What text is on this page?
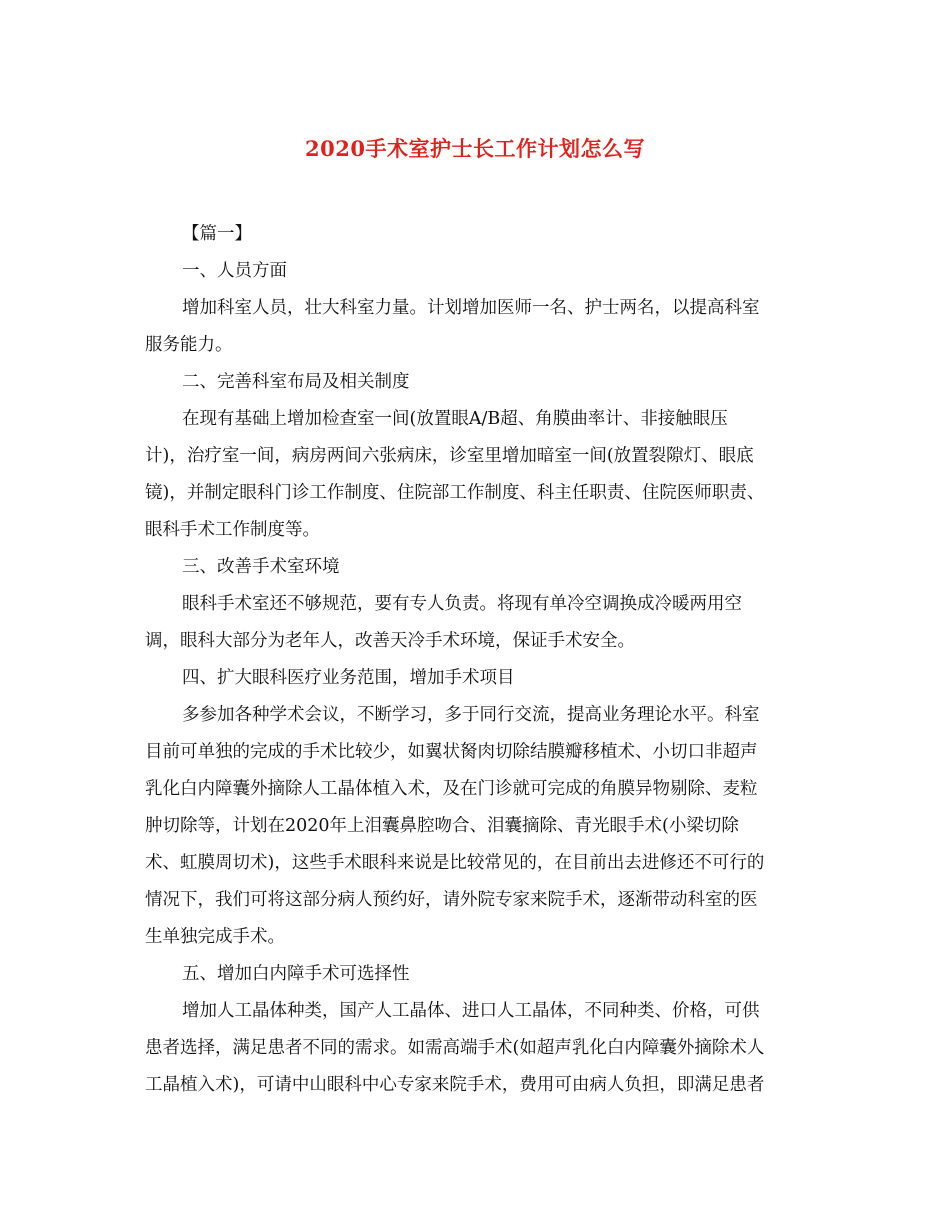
2020手术室护士长工作计划怎么写
【篇一】
一、人员方面
增加科室人员，壮大科室力量。计划增加医师一名、护士两名，以提高科室
服务能力。
二、完善科室布局及相关制度
在现有基础上增加检查室一间(放置眼A/B超、角膜曲率计、非接触眼压
计)，治疗室一间，病房两间六张病床，诊室里增加暗室一间(放置裂隙灯、眼底
镜)，并制定眼科门诊工作制度、住院部工作制度、科主任职责、住院医师职责、
眼科手术工作制度等。
三、改善手术室环境
眼科手术室还不够规范，要有专人负责。将现有单冷空调换成冷暖两用空
调，眼科大部分为老年人，改善天冷手术环境，保证手术安全。
四、扩大眼科医疗业务范围，增加手术项目
多参加各种学术会议，不断学习，多于同行交流，提高业务理论水平。科室
目前可单独的完成的手术比较少，如翼状胬肉切除结膜瓣移植术、小切口非超声
乳化白内障囊外摘除人工晶体植入术，及在门诊就可完成的角膜异物剔除、麦粒
肿切除等，计划在2020年上泪囊鼻腔吻合、泪囊摘除、青光眼手术(小梁切除
术、虹膜周切术)，这些手术眼科来说是比较常见的，在目前出去进修还不可行的
情况下，我们可将这部分病人预约好，请外院专家来院手术，逐渐带动科室的医
生单独完成手术。
五、增加白内障手术可选择性
增加人工晶体种类，国产人工晶体、进口人工晶体，不同种类、价格，可供
患者选择，满足患者不同的需求。如需高端手术(如超声乳化白内障囊外摘除术人
工晶植入术)，可请中山眼科中心专家来院手术，费用可由病人负担，即满足患者
